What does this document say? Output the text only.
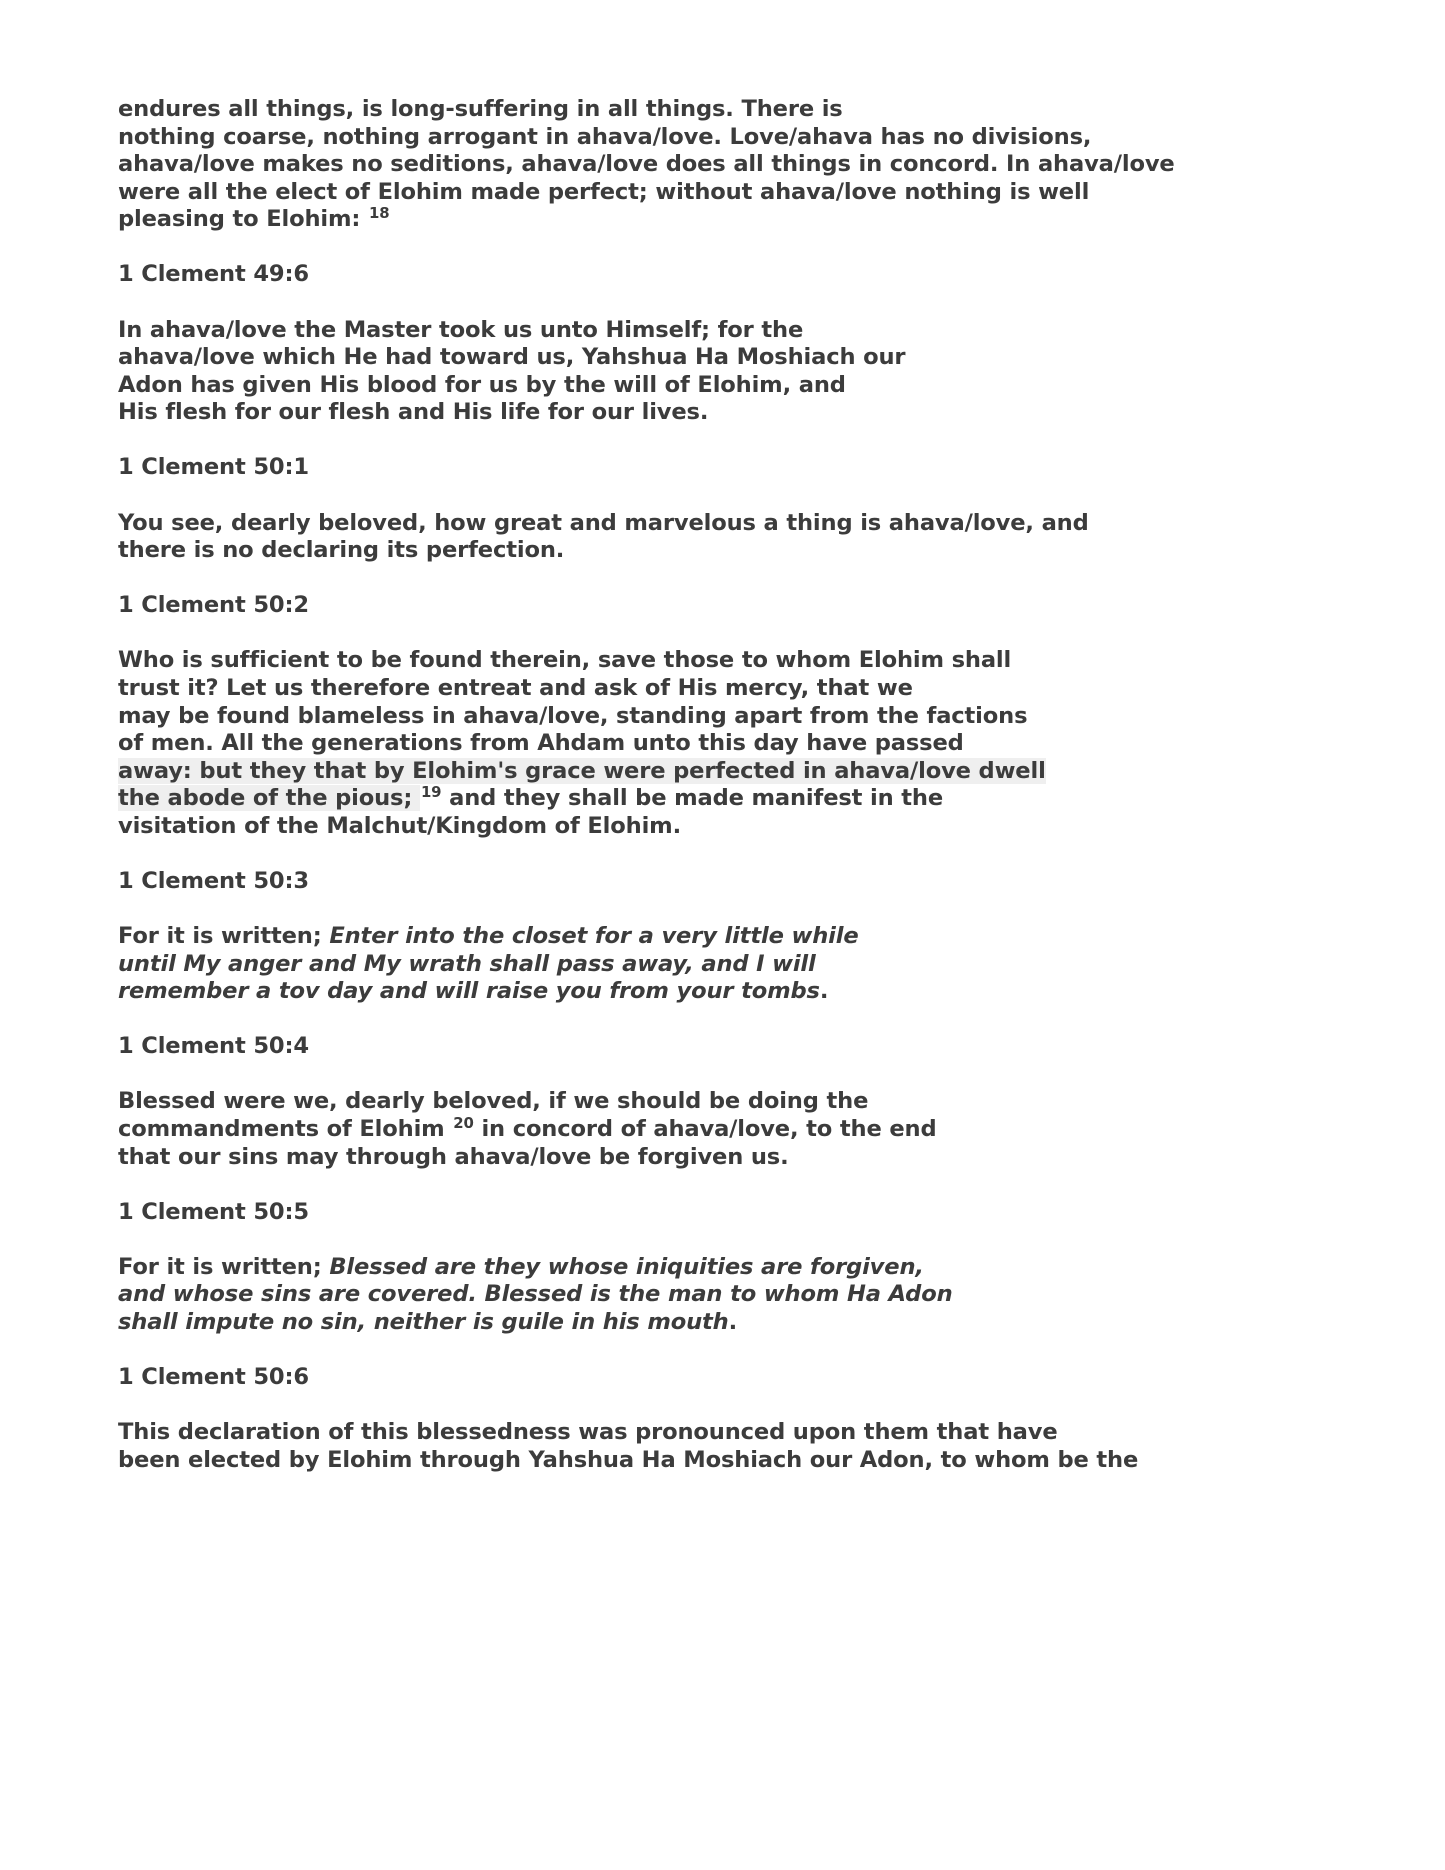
endures all things, is long-suffering in all things. There is
nothing coarse, nothing arrogant in ahava/love. Love/ahava has no divisions,
ahava/love makes no seditions, ahava/love does all things in concord. In ahava/love
were all the elect of Elohim made perfect; without ahava/love nothing is well
pleasing to Elohim: $^{18}$

1 Clement 49:6

In ahava/love the Master took us unto Himself; for the
ahava/love which He had toward us, Yahshua Ha Moshiach our
Adon has given His blood for us by the will of Elohim, and
His flesh for our flesh and His life for our lives.

1 Clement 50:1

You see, dearly beloved, how great and marvelous a thing is ahava/love, and
there is no declaring its perfection.

1 Clement 50:2

Who is sufficient to be found therein, save those to whom Elohim shall
trust it? Let us therefore entreat and ask of His mercy, that we
may be found blameless in ahava/love, standing apart from the factions
of men. All the generations from Ahdam unto this day have passed
away: but they that by Elohim's grace were perfected in ahava/love dwell
the abode of the pious; $^{19}$ and they shall be made manifest in the
visitation of the Malchut/Kingdom of Elohim.

1 Clement 50:3

For it is written; Enter into the closet for a very little while
until My anger and My wrath shall pass away, and I will
remember a tov day and will raise you from your tombs.

1 Clement 50:4

Blessed were we, dearly beloved, if we should be doing the
commandments of Elohim $^{20}$ in concord of ahava/love, to the end
that our sins may through ahava/love be forgiven us.

1 Clement 50:5

For it is written; Blessed are they whose iniquities are forgiven,
and whose sins are covered. Blessed is the man to whom Ha Adon
shall impute no sin, neither is guile in his mouth.

1 Clement 50:6

This declaration of this blessedness was pronounced upon them that have
been elected by Elohim through Yahshua Ha Moshiach our Adon, to whom be the
